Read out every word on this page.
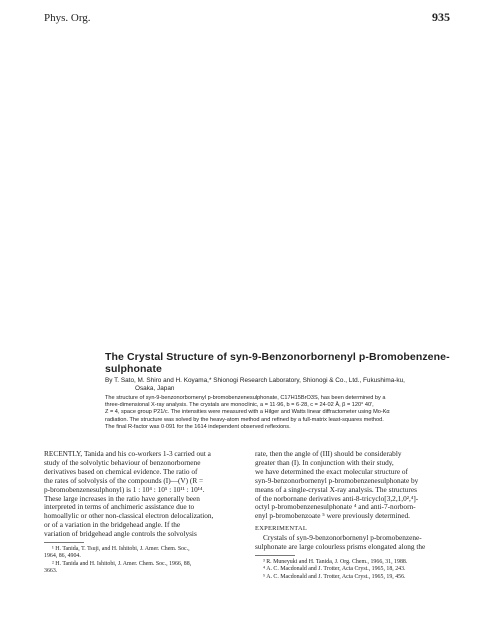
Phys. Org.	935
The Crystal Structure of syn-9-Benzonorbornenyl p-Bromobenzene-
sulphonate
By T. Sato, M. Shiro and H. Koyama,* Shionogi Research Laboratory, Shionogi & Co., Ltd., Fukushima-ku,
Osaka, Japan
The structure of syn-9-benzonorbornenyl p-bromobenzenesulphonate, C17H15BrO3S, has been determined by a
three-dimensional X-ray analysis. The crystals are monoclinic, a = 11·96, b = 6·28, c = 24·02 Å, β = 120° 40′,
Z = 4, space group P21/c. The intensities were measured with a Hilger and Watts linear diffractometer using Mo-Kα
radiation. The structure was solved by the heavy-atom method and refined by a full-matrix least-squares method.
The final R-factor was 0·091 for the 1614 independent observed reflexions.
RECENTLY, Tanida and his co-workers 1-3 carried out a
study of the solvolytic behaviour of benzonorbornene
derivatives based on chemical evidence. The ratio of
the rates of solvolysis of the compounds (I)—(V) (R =
p-bromobenzenesulphonyl) is 1 : 10⁴ : 10⁵ : 10¹¹ : 10¹⁴.
These large increases in the ratio have generally been
interpreted in terms of anchimeric assistance due to
homoallylic or other non-classical electron delocalization,
or of a variation in the bridgehead angle. If the
variation of bridgehead angle controls the solvolysis
rate, then the angle of (III) should be considerably
greater than (I). In conjunction with their study,
we have determined the exact molecular structure of
syn-9-benzonorbornenyl p-bromobenzenesulphonate by
means of a single-crystal X-ray analysis. The structures
of the norbornane derivatives anti-8-tricyclo[3,2,1,0²,⁴]-
octyl p-bromobenzenesulphonate ⁴ and anti-7-norborn-
enyl p-bromobenzoate ⁵ were previously determined.
EXPERIMENTAL
Crystals of syn-9-benzonorbornenyl p-bromobenzene-
sulphonate are large colourless prisms elongated along the
¹ H. Tanida, T. Tsuji, and H. Ishitobi, J. Amer. Chem. Soc.,
1964, 86, 4904.
² H. Tanida and H. Ishitobi, J. Amer. Chem. Soc., 1966, 88,
3663.
³ R. Muneyuki and H. Tanida, J. Org. Chem., 1966, 31, 1988.
⁴ A. C. Macdonald and J. Trotter, Acta Cryst., 1965, 18, 243.
⁵ A. C. Macdonald and J. Trotter, Acta Cryst., 1965, 19, 456.
